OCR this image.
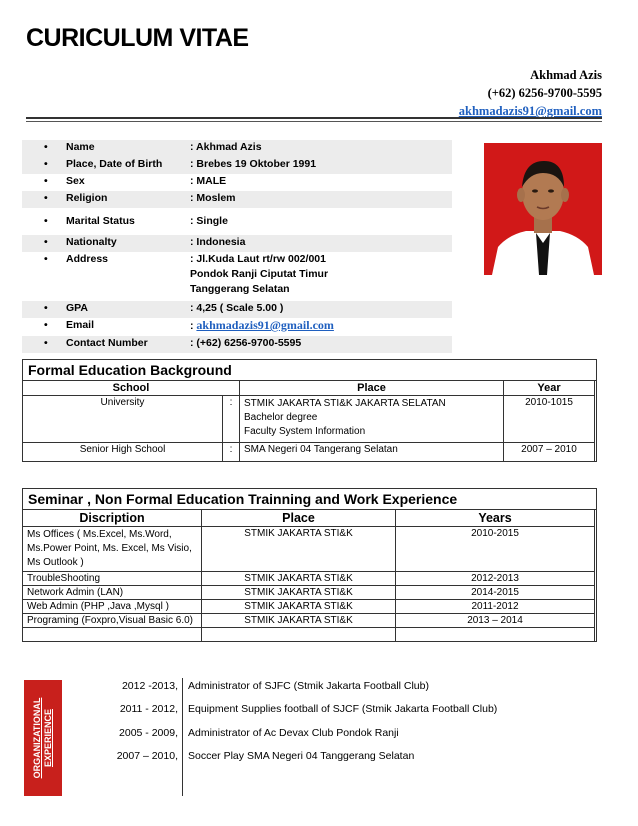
CURICULUM VITAE
Akhmad Azis
(+62) 6256-9700-5595
akhmadazis91@gmail.com
• Name	: Akhmad Azis
• Place, Date of Birth	: Brebes 19 Oktober 1991
• Sex	: MALE
• Religion	: Moslem
• Marital Status	: Single
• Nationalty	: Indonesia
• Address	: Jl.Kuda Laut rt/rw 002/001
Pondok Ranji Ciputat Timur
Tanggerang Selatan
• GPA	: 4,25 ( Scale 5.00 )
• Email	: akhmadazis91@gmail.com
• Contact Number	: (+62) 6256-9700-5595
Formal Education Background
School		Place	Year
University	:	STMIK JAKARTA STI&K JAKARTA SELATAN
Bachelor degree
Faculty System Information	2010-1015
Senior High School	:	SMA Negeri 04 Tangerang Selatan	2007 – 2010
Seminar , Non Formal Education Trainning and Work Experience
Discription	Place	Years
Ms Offices ( Ms.Excel, Ms.Word, Ms.Power Point, Ms. Excel, Ms Visio, Ms Outlook )	STMIK JAKARTA STI&K	2010-2015
TroubleShooting	STMIK JAKARTA STI&K	2012-2013
Network Admin (LAN)	STMIK JAKARTA STI&K	2014-2015
Web Admin (PHP ,Java ,Mysql )	STMIK JAKARTA STI&K	2011-2012
Programing (Foxpro,Visual Basic 6.0)	STMIK JAKARTA STI&K	2013 – 2014

ORGANIZATIONAL EXPERIENCE
2012 -2013, Administrator of SJFC (Stmik Jakarta Football Club)
2011 - 2012, Equipment Supplies football of SJCF (Stmik Jakarta Football Club)
2005 - 2009, Administrator of Ac Devax Club Pondok Ranji
2007 – 2010, Soccer Play SMA Negeri 04 Tanggerang Selatan
